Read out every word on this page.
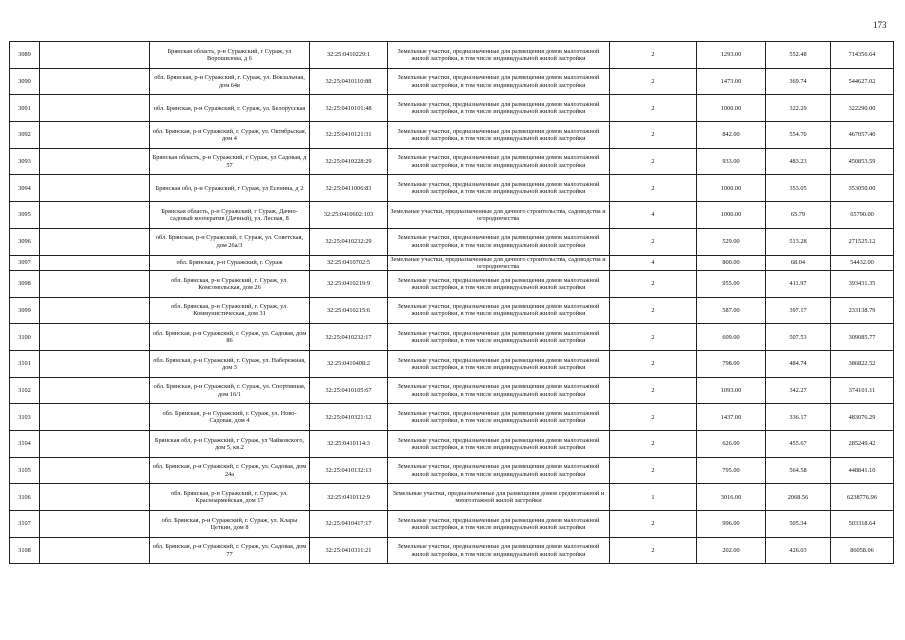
173
3089		Брянская область, р-н Суражский, г Сураж, ул Ворошилова, д 6	32:25:0410229:1	Земельные участки, предназначенные для размещения домов малоэтажной жилой застройки, в том числе индивидуальной жилой застройки	2	1293.00	552.48	714356.64
3090		обл. Брянская, р-н Суражский, г. Сураж, ул. Вокзальная, дом 64в	32:25:0410110:88	Земельные участки, предназначенные для размещения домов малоэтажной жилой застройки, в том числе индивидуальной жилой застройки	2	1473.00	369.74	544627.02
3091		обл. Брянская, р-н Суражский, г. Сураж, ул. Белорусская	32:25:0410101:48	Земельные участки, предназначенные для размещения домов малоэтажной жилой застройки, в том числе индивидуальной жилой застройки	2	1000.00	322.29	322290.00
3092		обл. Брянская, р-н Суражский, г. Сураж, ул. Октябрьская, дом 4	32:25:0410121:31	Земельные участки, предназначенные для размещения домов малоэтажной жилой застройки, в том числе индивидуальной жилой застройки	2	842.00	554.70	467057.40
3093		Брянская область, р-н Суражский, г Сураж, ул Садовая, д 57	32:25:0410228:29	Земельные участки, предназначенные для размещения домов малоэтажной жилой застройки, в том числе индивидуальной жилой застройки	2	933.00	483.23	450853.59
3094		Брянская обл, р-н Суражский, г Сураж, ул Есенина, д 2	32:25:0411006:83	Земельные участки, предназначенные для размещения домов малоэтажной жилой застройки, в том числе индивидуальной жилой застройки	2	1000.00	353.05	353050.00
3095		Брянская область, р-н Суражский, г Сураж, Дачно-садовый кооператив (Дачный), ул. Лесная, 8	32:25:0410602:103	Земельные участки, предназначенные для дачного строительства, садоводства и огородничества	4	1000.00	65.79	65790.00
3096		обл. Брянская, р-н Суражский, г. Сураж, ул. Советская, дом 26а/3	32:25:0410232:29	Земельные участки, предназначенные для размещения домов малоэтажной жилой застройки, в том числе индивидуальной жилой застройки	2	529.00	513.28	271525.12
3097		обл. Брянская, р-н Суражский, г. Сураж	32:25:0410702:5	Земельные участки, предназначенные для дачного строительства, садоводства и огородничества	4	800.00	68.04	54432.00
3098		обл. Брянская, р-н Суражский, г. Сураж, ул. Комсомольская, дом 26	32:25:0410219:9	Земельные участки, предназначенные для размещения домов малоэтажной жилой застройки, в том числе индивидуальной жилой застройки	2	955.00	411.97	393431.35
3099		обл. Брянская, р-н Суражский, г. Сураж, ул. Коммунистическая, дом 31	32:25:0410215:6	Земельные участки, предназначенные для размещения домов малоэтажной жилой застройки, в том числе индивидуальной жилой застройки	2	587.00	397.17	233138.79
3100		обл. Брянская, р-н Суражский, г. Сураж, ул. Садовая, дом 86	32:25:0410232:17	Земельные участки, предназначенные для размещения домов малоэтажной жилой застройки, в том числе индивидуальной жилой застройки	2	609.00	507.53	309085.77
3101		обл. Брянская, р-н Суражский, г. Сураж, ул. Набережная, дом 3	32:25:0410408:2	Земельные участки, предназначенные для размещения домов малоэтажной жилой застройки, в том числе индивидуальной жилой застройки	2	798.00	484.74	386822.52
3102		обл. Брянская, р-н Суражский, г. Сураж, ул. Спортивная, дом 16/1	32:25:0410105:67	Земельные участки, предназначенные для размещения домов малоэтажной жилой застройки, в том числе индивидуальной жилой застройки	2	1093.00	342.27	374101.11
3103		обл. Брянская, р-н Суражский, г. Сураж, ул. Ново-Садовая, дом 4	32:25:0410321:12	Земельные участки, предназначенные для размещения домов малоэтажной жилой застройки, в том числе индивидуальной жилой застройки	2	1437.00	336.17	483076.29
3104		Брянская обл, р-н Суражский, г Сураж, ул Чайковского, дом 5, кв.2	32:25:0410114:3	Земельные участки, предназначенные для размещения домов малоэтажной жилой застройки, в том числе индивидуальной жилой застройки	2	626.00	455.67	285249.42
3105		обл. Брянская, р-н Суражский, г. Сураж, ул. Садовая, дом 24а	32:25:0410132:13	Земельные участки, предназначенные для размещения домов малоэтажной жилой застройки, в том числе индивидуальной жилой застройки	2	795.00	564.58	448841.10
3106		обл. Брянская, р-н Суражский, г. Сураж, ул. Красноармейская, дом 17	32:25:0410112:9	Земельные участки, предназначенные для размещения домов среднеэтажной и многоэтажной жилой застройки	1	3016.00	2068.56	6238776.96
3107		обл. Брянская, р-н Суражский, г. Сураж, ул. Клары Цеткин, дом 8	32:25:0410417:17	Земельные участки, предназначенные для размещения домов малоэтажной жилой застройки, в том числе индивидуальной жилой застройки	2	996.00	505.34	503318.64
3108		обл. Брянская, р-н Суражский, г. Сураж, ул. Садовая, дом 77	32:25:0410311:21	Земельные участки, предназначенные для размещения домов малоэтажной жилой застройки, в том числе индивидуальной жилой застройки	2	202.00	426.03	86058.06
